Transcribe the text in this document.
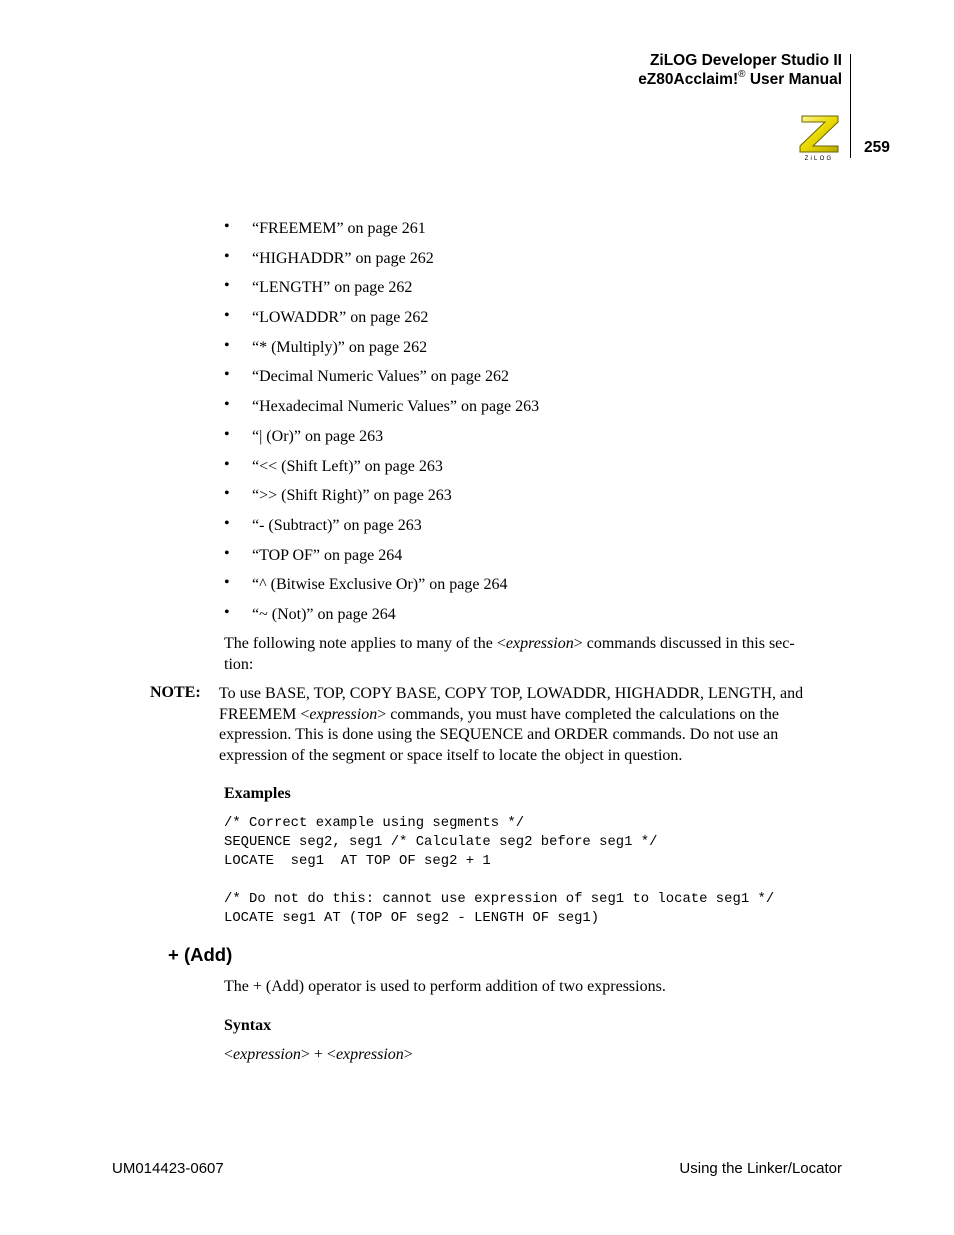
ZiLOG Developer Studio II
eZ80Acclaim!® User Manual
ZiLOG
259
• “FREEMEM” on page 261
• “HIGHADDR” on page 262
• “LENGTH” on page 262
• “LOWADDR” on page 262
• “* (Multiply)” on page 262
• “Decimal Numeric Values” on page 262
• “Hexadecimal Numeric Values” on page 263
• “| (Or)” on page 263
• “<< (Shift Left)” on page 263
• “>> (Shift Right)” on page 263
• “- (Subtract)” on page 263
• “TOP OF” on page 264
• “^ (Bitwise Exclusive Or)” on page 264
• “~ (Not)” on page 264
The following note applies to many of the <expression> commands discussed in this sec-
tion:
NOTE: To use BASE, TOP, COPY BASE, COPY TOP, LOWADDR, HIGHADDR, LENGTH, and
FREEMEM <expression> commands, you must have completed the calculations on the
expression. This is done using the SEQUENCE and ORDER commands. Do not use an
expression of the segment or space itself to locate the object in question.
Examples
/* Correct example using segments */
SEQUENCE seg2, seg1 /* Calculate seg2 before seg1 */
LOCATE  seg1  AT TOP OF seg2 + 1

/* Do not do this: cannot use expression of seg1 to locate seg1 */
LOCATE seg1 AT (TOP OF seg2 - LENGTH OF seg1)
+ (Add)
The + (Add) operator is used to perform addition of two expressions.
Syntax
<expression> + <expression>
UM014423-0607	Using the Linker/Locator
